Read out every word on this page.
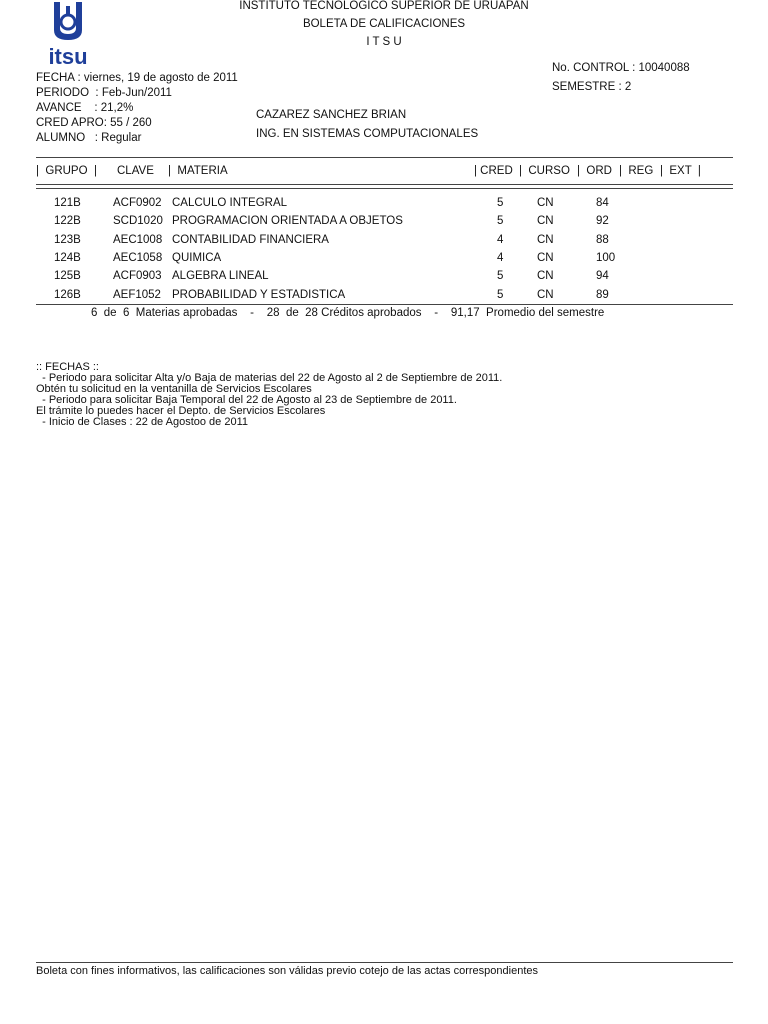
itsu
INSTITUTO TECNOLOGICO SUPERIOR DE URUAPAN
BOLETA DE CALIFICACIONES
I T S U
FECHA : viernes, 19 de agosto de 2011
PERIODO  : Feb-Jun/2011
AVANCE    : 21,2%
CRED APRO: 55 / 260
ALUMNO   : Regular
CAZAREZ SANCHEZ BRIAN
ING. EN SISTEMAS COMPUTACIONALES
No. CONTROL : 10040088
SEMESTRE : 2
|  GRUPO  | CLAVE |  MATERIA	| CRED |  CURSO |  ORD |  REG |  EXT  |
121B	ACF0902 CALCULO INTEGRAL	5	CN	84
122B	SCD1020 PROGRAMACION ORIENTADA A OBJETOS	5	CN	92
123B	AEC1008 CONTABILIDAD FINANCIERA	4	CN	88
124B	AEC1058 QUIMICA	4	CN	100
125B	ACF0903 ALGEBRA LINEAL	5	CN	94
126B	AEF1052 PROBABILIDAD Y ESTADISTICA	5	CN	89
6  de  6  Materias aprobadas    -    28  de  28 Créditos aprobados    -    91,17  Promedio del semestre
:: FECHAS ::
- Periodo para solicitar Alta y/o Baja de materias del 22 de Agosto al 2 de Septiembre de 2011.
Obtén tu solicitud en la ventanilla de Servicios Escolares
- Periodo para solicitar Baja Temporal del 22 de Agosto al 23 de Septiembre de 2011.
El trámite lo puedes hacer el Depto. de Servicios Escolares
- Inicio de Clases : 22 de Agostoo de 2011
Boleta con fines informativos, las calificaciones son válidas previo cotejo de las actas correspondientes
